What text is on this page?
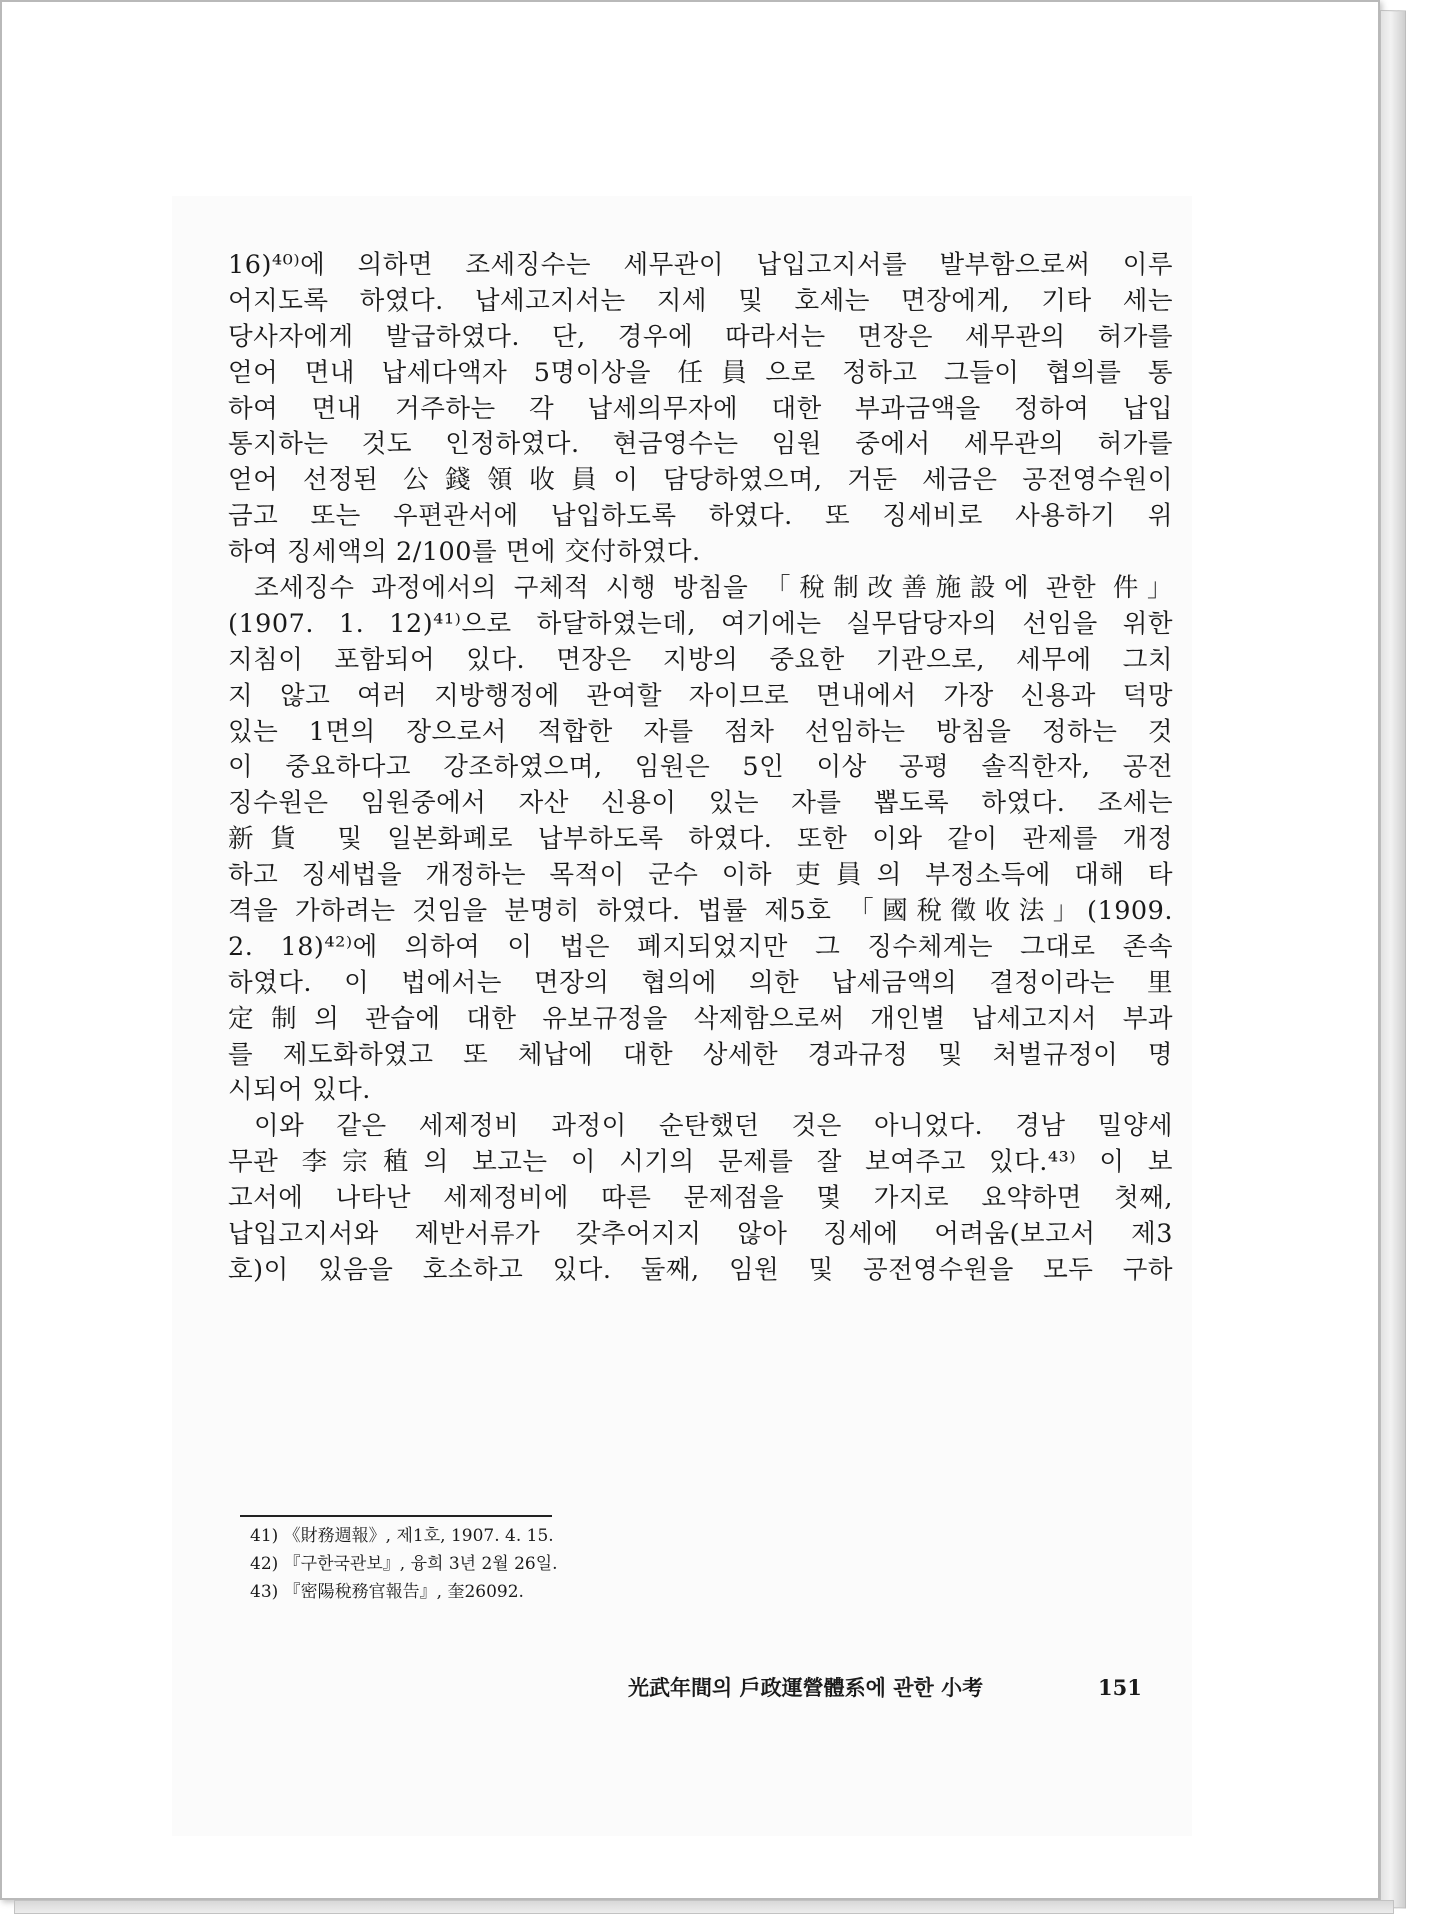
16)⁴⁰⁾에 의하면 조세징수는 세무관이 납입고지서를 발부함으로써 이루
어지도록 하였다. 납세고지서는 지세 및 호세는 면장에게, 기타 세는
당사자에게 발급하였다. 단, 경우에 따라서는 면장은 세무관의 허가를
얻어 면내 납세다액자 5명이상을 任員으로 정하고 그들이 협의를 통
하여 면내 거주하는 각 납세의무자에 대한 부과금액을 정하여 납입
통지하는 것도 인정하였다. 현금영수는 임원 중에서 세무관의 허가를
얻어 선정된 公錢領收員이 담당하였으며, 거둔 세금은 공전영수원이
금고 또는 우편관서에 납입하도록 하였다. 또 징세비로 사용하기 위
하여 징세액의 2/100를 면에 交付하였다.
조세징수 과정에서의 구체적 시행 방침을 「稅制改善施設에 관한 件」
(1907. 1. 12)⁴¹⁾으로 하달하였는데, 여기에는 실무담당자의 선임을 위한
지침이 포함되어 있다. 면장은 지방의 중요한 기관으로, 세무에 그치
지 않고 여러 지방행정에 관여할 자이므로 면내에서 가장 신용과 덕망
있는 1면의 장으로서 적합한 자를 점차 선임하는 방침을 정하는 것
이 중요하다고 강조하였으며, 임원은 5인 이상 공평 솔직한자, 공전
징수원은 임원중에서 자산 신용이 있는 자를 뽑도록 하였다. 조세는
新貨 및 일본화폐로 납부하도록 하였다. 또한 이와 같이 관제를 개정
하고 징세법을 개정하는 목적이 군수 이하 吏員의 부정소득에 대해 타
격을 가하려는 것임을 분명히 하였다. 법률 제5호 「國稅徵收法」(1909.
2. 18)⁴²⁾에 의하여 이 법은 폐지되었지만 그 징수체계는 그대로 존속
하였다. 이 법에서는 면장의 협의에 의한 납세금액의 결정이라는 里
定制의 관습에 대한 유보규정을 삭제함으로써 개인별 납세고지서 부과
를 제도화하였고 또 체납에 대한 상세한 경과규정 및 처벌규정이 명
시되어 있다.
이와 같은 세제정비 과정이 순탄했던 것은 아니었다. 경남 밀양세
무관 李宗稙의 보고는 이 시기의 문제를 잘 보여주고 있다.⁴³⁾ 이 보
고서에 나타난 세제정비에 따른 문제점을 몇 가지로 요약하면 첫째,
납입고지서와 제반서류가 갖추어지지 않아 징세에 어려움(보고서 제3
호)이 있음을 호소하고 있다. 둘째, 임원 및 공전영수원을 모두 구하
41) 《財務週報》, 제1호, 1907. 4. 15.
42) 『구한국관보』, 융희 3년 2월 26일.
43) 『密陽稅務官報告』, 奎26092.
光武年間의 戶政運營體系에 관한 小考	151
